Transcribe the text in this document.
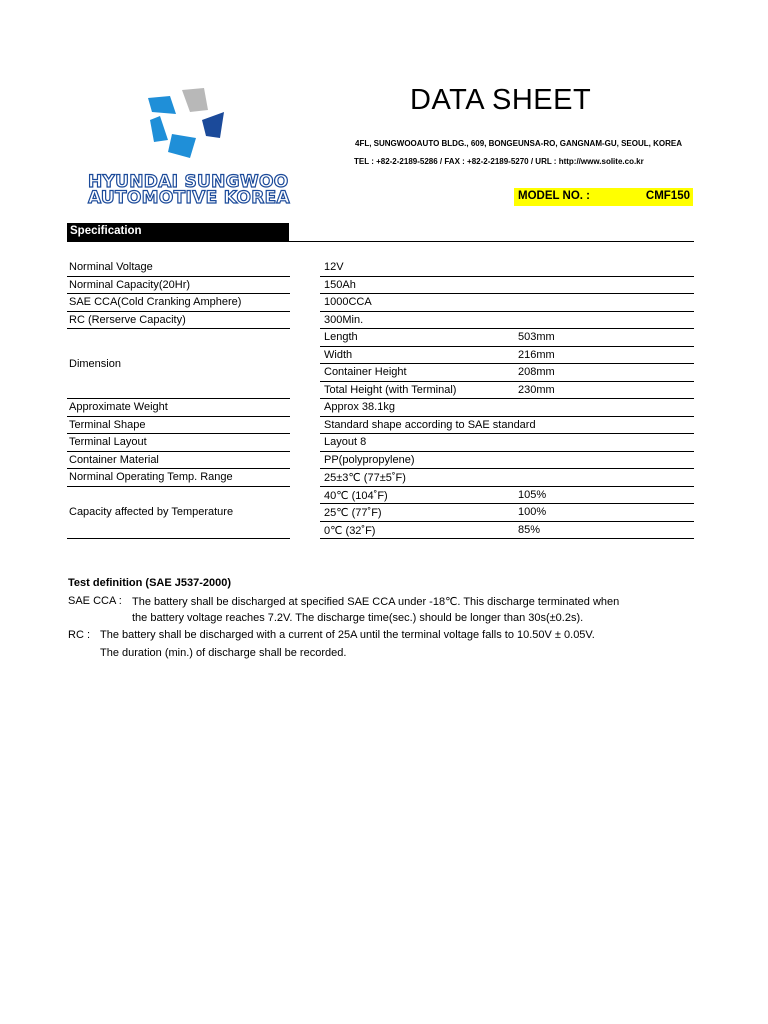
HYUNDAI SUNGWOO
AUTOMOTIVE KOREA
DATA SHEET
4FL, SUNGWOOAUTO BLDG., 609, BONGEUNSA-RO, GANGNAM-GU, SEOUL, KOREA
TEL : +82-2-2189-5286 / FAX : +82-2-2189-5270 / URL : http://www.solite.co.kr
MODEL NO. :	CMF150
Specification
Norminal Voltage	12V
Norminal Capacity(20Hr)	150Ah
SAE CCA(Cold Cranking Amphere)	1000CCA
RC (Rerserve Capacity)	300Min.
Dimension
Length	503mm
Width	216mm
Container Height	208mm
Total Height (with Terminal)	230mm
Approximate Weight	Approx 38.1kg
Terminal Shape	Standard shape according to SAE standard
Terminal Layout	Layout 8
Container Material	PP(polypropylene)
Norminal Operating Temp. Range	25±3℃ (77±5˚F)
Capacity affected by Temperature
40℃ (104˚F)	105%
25℃ (77˚F)	100%
0℃ (32˚F)	85%
Test definition (SAE J537-2000)
SAE CCA : The battery shall be discharged at specified SAE CCA under -18℃. This discharge terminated when
the battery voltage reaches 7.2V. The discharge time(sec.) should be longer than 30s(±0.2s).
RC : The battery shall be discharged with a current of 25A until the terminal voltage falls to 10.50V ± 0.05V.
The duration (min.) of discharge shall be recorded.
